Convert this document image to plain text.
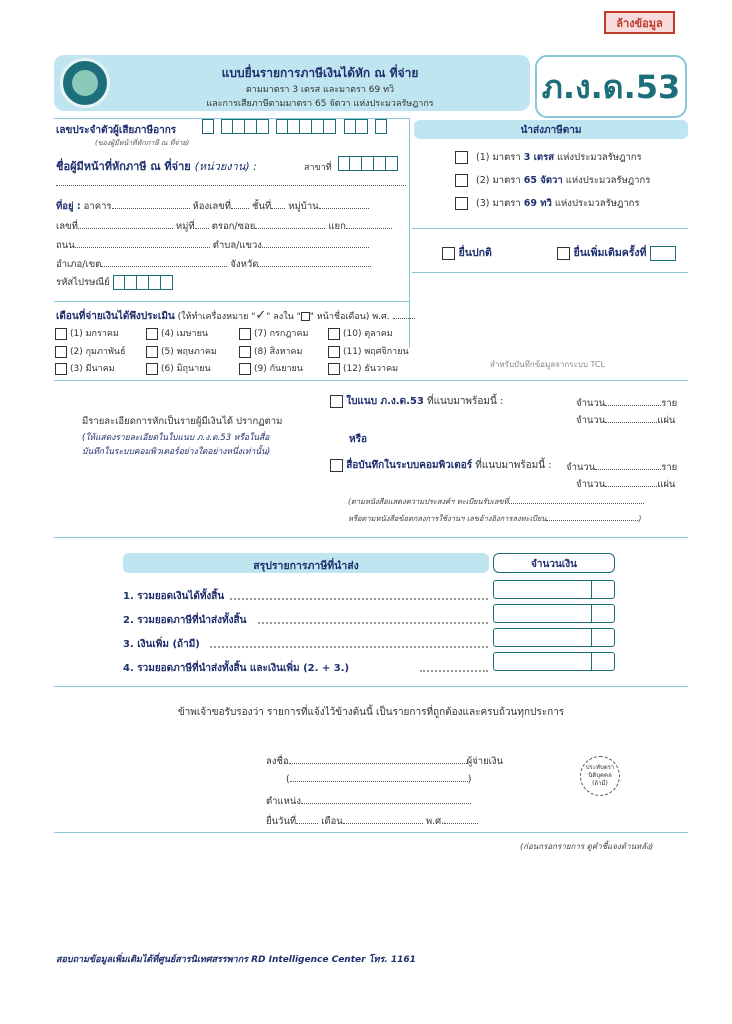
ล้างข้อมูล
แบบยื่นรายการภาษีเงินได้หัก ณ ที่จ่าย
ตามมาตรา 3 เตรส และมาตรา 69 ทวิ
และการเสียภาษีตามมาตรา 65 จัตวา แห่งประมวลรัษฎากร	ภ.ง.ด.53
เลขประจำตัวผู้เสียภาษีอากร
(ของผู้มีหน้าที่หักภาษี ณ ที่จ่าย)

ชื่อผู้มีหน้าที่หักภาษี ณ ที่จ่าย (หน่วยงาน) :	สาขาที่
ที่อยู่ : อาคาร	ห้องเลขที่ ชั้นที่ หมู่บ้าน
เลขที่	หมู่ที่ ตรอก/ซอย	แยก
ถนน	ตำบล/แขวง
อำเภอ/เขต	จังหวัด
รหัสไปรษณีย์
นำส่งภาษีตาม
(1) มาตรา 3 เตรส แห่งประมวลรัษฎากร
(2) มาตรา 65 จัตวา แห่งประมวลรัษฎากร
(3) มาตรา 69 ทวิ แห่งประมวลรัษฎากร
ยื่นปกติ	ยื่นเพิ่มเติมครั้งที่
สำหรับบันทึกข้อมูลจากระบบ TCL
เดือนที่จ่ายเงินได้พึงประเมิน (ให้ทำเครื่องหมาย "✓" ลงใน " " หน้าชื่อเดือน) พ.ศ.
(1) มกราคม	(4) เมษายน	(7) กรกฎาคม	(10) ตุลาคม
(2) กุมภาพันธ์	(5) พฤษภาคม	(8) สิงหาคม	(11) พฤศจิกายน
(3) มีนาคม	(6) มิถุนายน	(9) กันยายน	(12) ธันวาคม
มีรายละเอียดการหักเป็นรายผู้มีเงินได้ ปรากฏตาม
(ให้แสดงรายละเอียดในใบแนบ ภ.ง.ด.53 หรือในสื่อ
บันทึกในระบบคอมพิวเตอร์อย่างใดอย่างหนึ่งเท่านั้น)
ใบแนบ ภ.ง.ด.53 ที่แนบมาพร้อมนี้ :	จำนวน	ราย
จำนวน	แผ่น
หรือ
สื่อบันทึกในระบบคอมพิวเตอร์ ที่แนบมาพร้อมนี้ : จำนวน	ราย
จำนวน	แผ่น
(ตามหนังสือแสดงความประสงค์ฯ ทะเบียนรับเลขที่
หรือตามหนังสือข้อตกลงการใช้งานฯ เลขอ้างอิงการลงทะเบียน	)
สรุปรายการภาษีที่นำส่ง	จำนวนเงิน
1. รวมยอดเงินได้ทั้งสิ้น
2. รวมยอดภาษีที่นำส่งทั้งสิ้น
3. เงินเพิ่ม (ถ้ามี)
4. รวมยอดภาษีที่นำส่งทั้งสิ้น และเงินเพิ่ม (2. + 3.)
ข้าพเจ้าขอรับรองว่า รายการที่แจ้งไว้ข้างต้นนี้ เป็นรายการที่ถูกต้องและครบถ้วนทุกประการ
ลงชื่อ	ผู้จ่ายเงิน
(	)
ตำแหน่ง
ยื่นวันที่	เดือน	พ.ศ.
ประทับตรา
นิติบุคคล
(ถ้ามี)
(ก่อนกรอกรายการ ดูคำชี้แจงด้านหลัง)
สอบถามข้อมูลเพิ่มเติมได้ที่ศูนย์สารนิเทศสรรพากร RD Intelligence Center โทร. 1161
